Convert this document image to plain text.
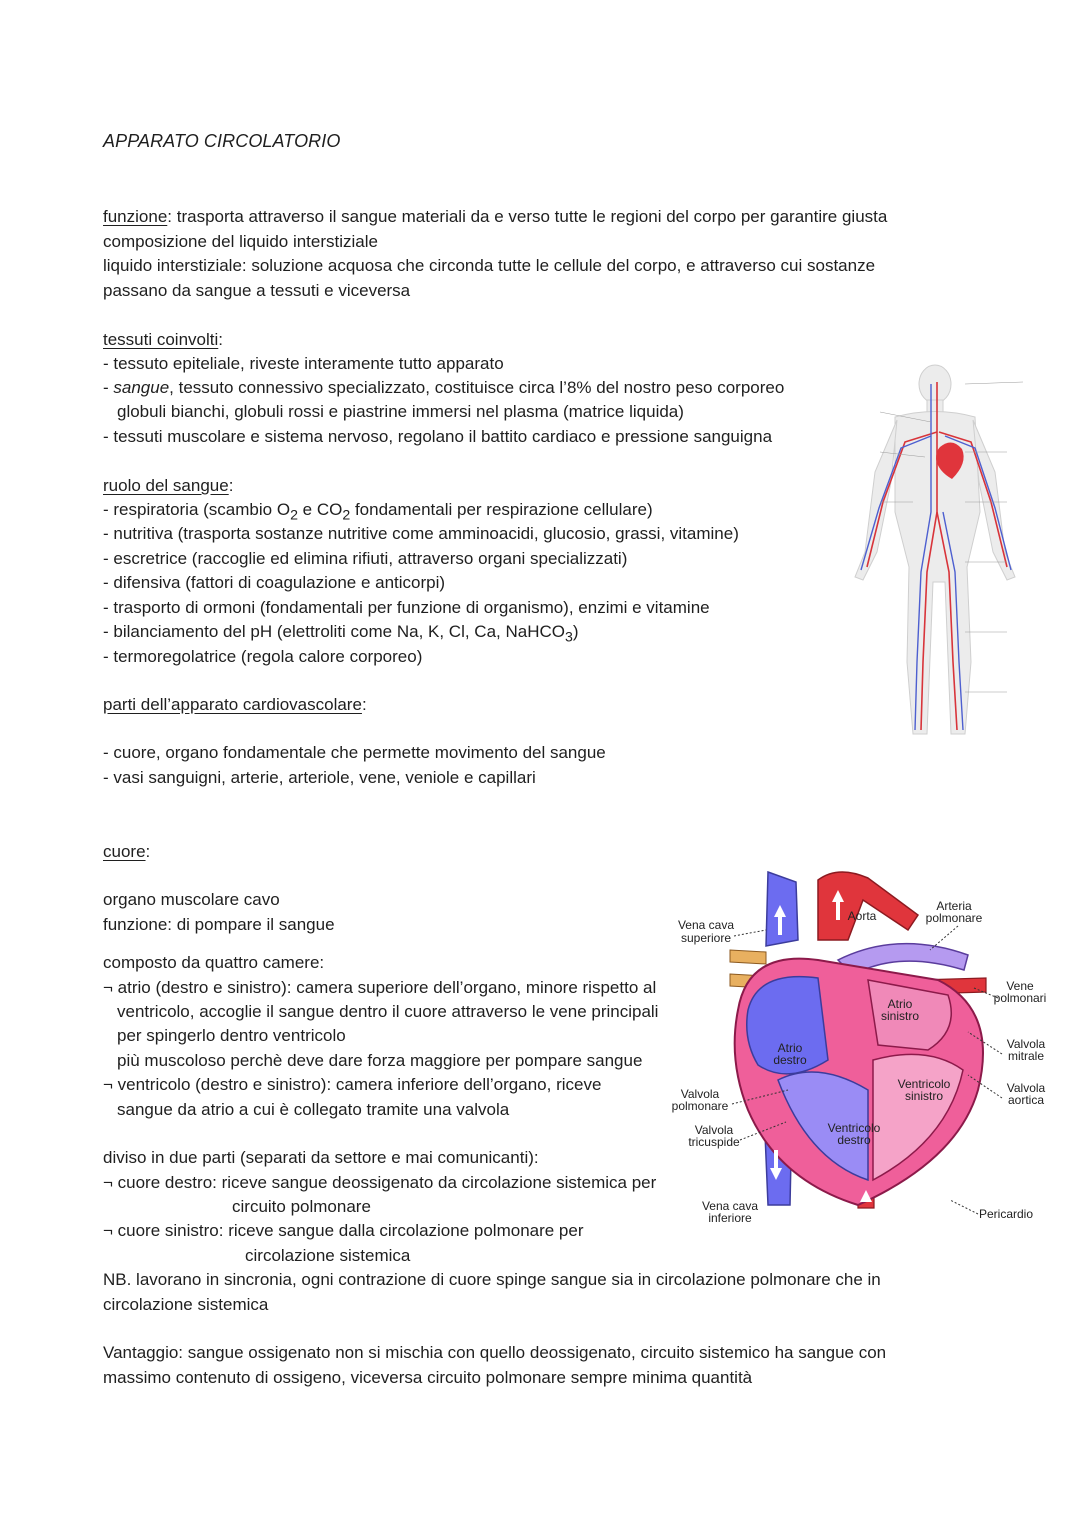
APPARATO CIRCOLATORIO
funzione: trasporta attraverso il sangue materiali da e verso tutte le regioni del corpo per garantire giusta
composizione del liquido interstiziale
liquido interstiziale: soluzione acquosa che circonda tutte le cellule del corpo, e attraverso cui sostanze
passano da sangue a tessuti e viceversa
tessuti coinvolti:
- tessuto epiteliale, riveste interamente tutto apparato
- sangue, tessuto connessivo specializzato, costituisce circa l’8% del nostro peso corporeo
globuli bianchi, globuli rossi e piastrine immersi nel plasma (matrice liquida)
- tessuti muscolare e sistema nervoso, regolano il battito cardiaco e pressione sanguigna
ruolo del sangue:
- respiratoria (scambio $O_2$ e $CO_2$ fondamentali per respirazione cellulare)
- nutritiva (trasporta sostanze nutritive come amminoacidi, glucosio, grassi, vitamine)
- escretrice (raccoglie ed elimina rifiuti, attraverso organi specializzati)
- difensiva (fattori di coagulazione e anticorpi)
- trasporto di ormoni (fondamentali per funzione di organismo), enzimi e vitamine
- bilanciamento del pH (elettroliti come Na, K, Cl, Ca, NaHCO$_3$)
- termoregolatrice (regola calore corporeo)
parti dell’apparato cardiovascolare:
- cuore, organo fondamentale che permette movimento del sangue
- vasi sanguigni, arterie, arteriole, vene, veniole e capillari
cuore:
organo muscolare cavo
funzione: di pompare il sangue
composto da quattro camere:
¬ atrio (destro e sinistro): camera superiore dell’organo, minore rispetto al
ventricolo, accoglie il sangue dentro il cuore attraverso le vene principali
per spingerlo dentro ventricolo
più muscoloso perchè deve dare forza maggiore per pompare sangue
¬ ventricolo (destro e sinistro): camera inferiore dell’organo, riceve
sangue da atrio a cui è collegato tramite una valvola
diviso in due parti (separati da settore e mai comunicanti):
¬ cuore destro: riceve sangue deossigenato da circolazione sistemica per
circuito polmonare
¬ cuore sinistro: riceve sangue dalla circolazione polmonare per
circolazione sistemica
NB. lavorano in sincronia, ogni contrazione di cuore spinge sangue sia in circolazione polmonare che in
circolazione sistemica
Vantaggio: sangue ossigenato non si mischia con quello deossigenato, circuito sistemico ha sangue con
massimo contenuto di ossigeno, viceversa circuito polmonare sempre minima quantità
Vena cava
superiore
Aorta
Arteria
polmonare
Vene
polmonari
Atrio
sinistro
Atrio
destro
Valvola
mitrale
Valvola
aortica
Ventricolo
sinistro
Valvola
polmonare
Valvola
tricuspide
Ventricolo
destro
Vena cava
inferiore	Pericardio
